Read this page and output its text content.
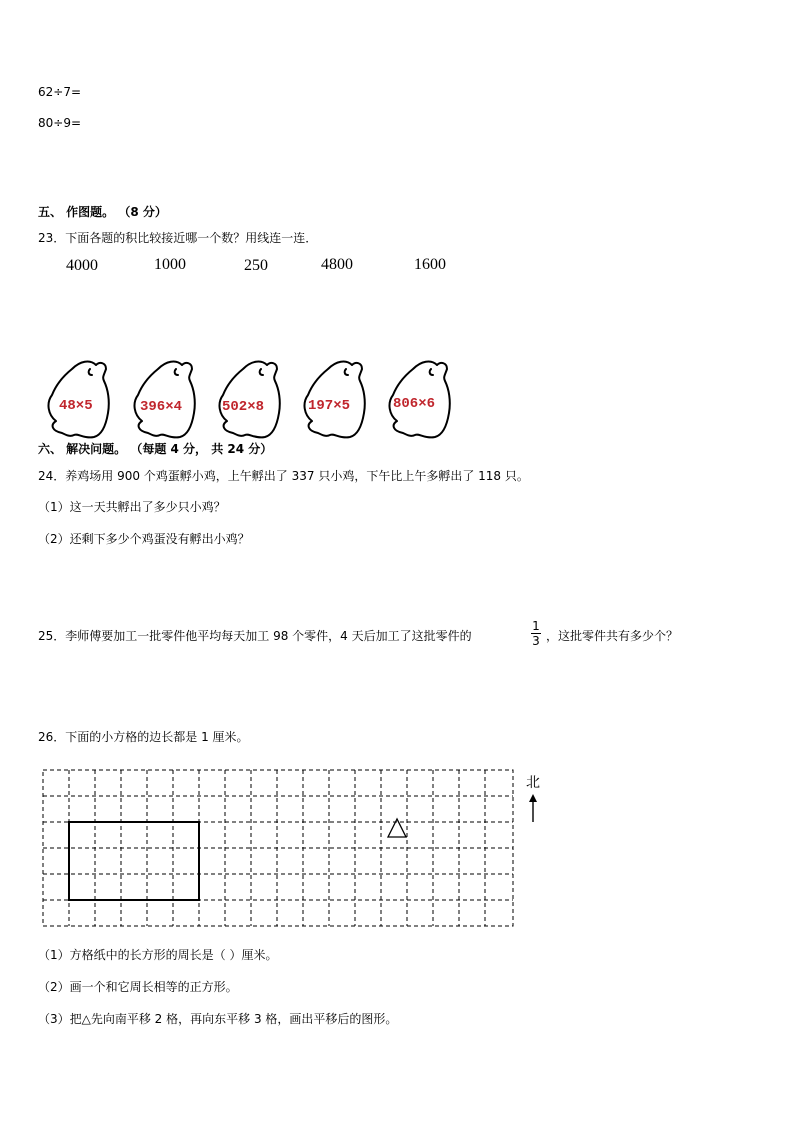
62÷7=
80÷9=
五、 作图题。 （8 分）
23．下面各题的积比较接近哪一个数？用线连一连．
4000	1000	250	4800	1600
48×5	396×4	502×8	197×5	806×6
六、 解决问题。 （每题 4 分， 共 24 分）
24．养鸡场用 900 个鸡蛋孵小鸡，上午孵出了 337 只小鸡，下午比上午多孵出了 118 只。
（1）这一天共孵出了多少只小鸡？
（2）还剩下多少个鸡蛋没有孵出小鸡？
25．李师傅要加工一批零件他平均每天加工 98 个零件，4 天后加工了这批零件的
1
3 ，这批零件共有多少个？
26．下面的小方格的边长都是 1 厘米。
北
（1）方格纸中的长方形的周长是（ ）厘米。
（2）画一个和它周长相等的正方形。
（3）把△先向南平移 2 格，再向东平移 3 格，画出平移后的图形。
